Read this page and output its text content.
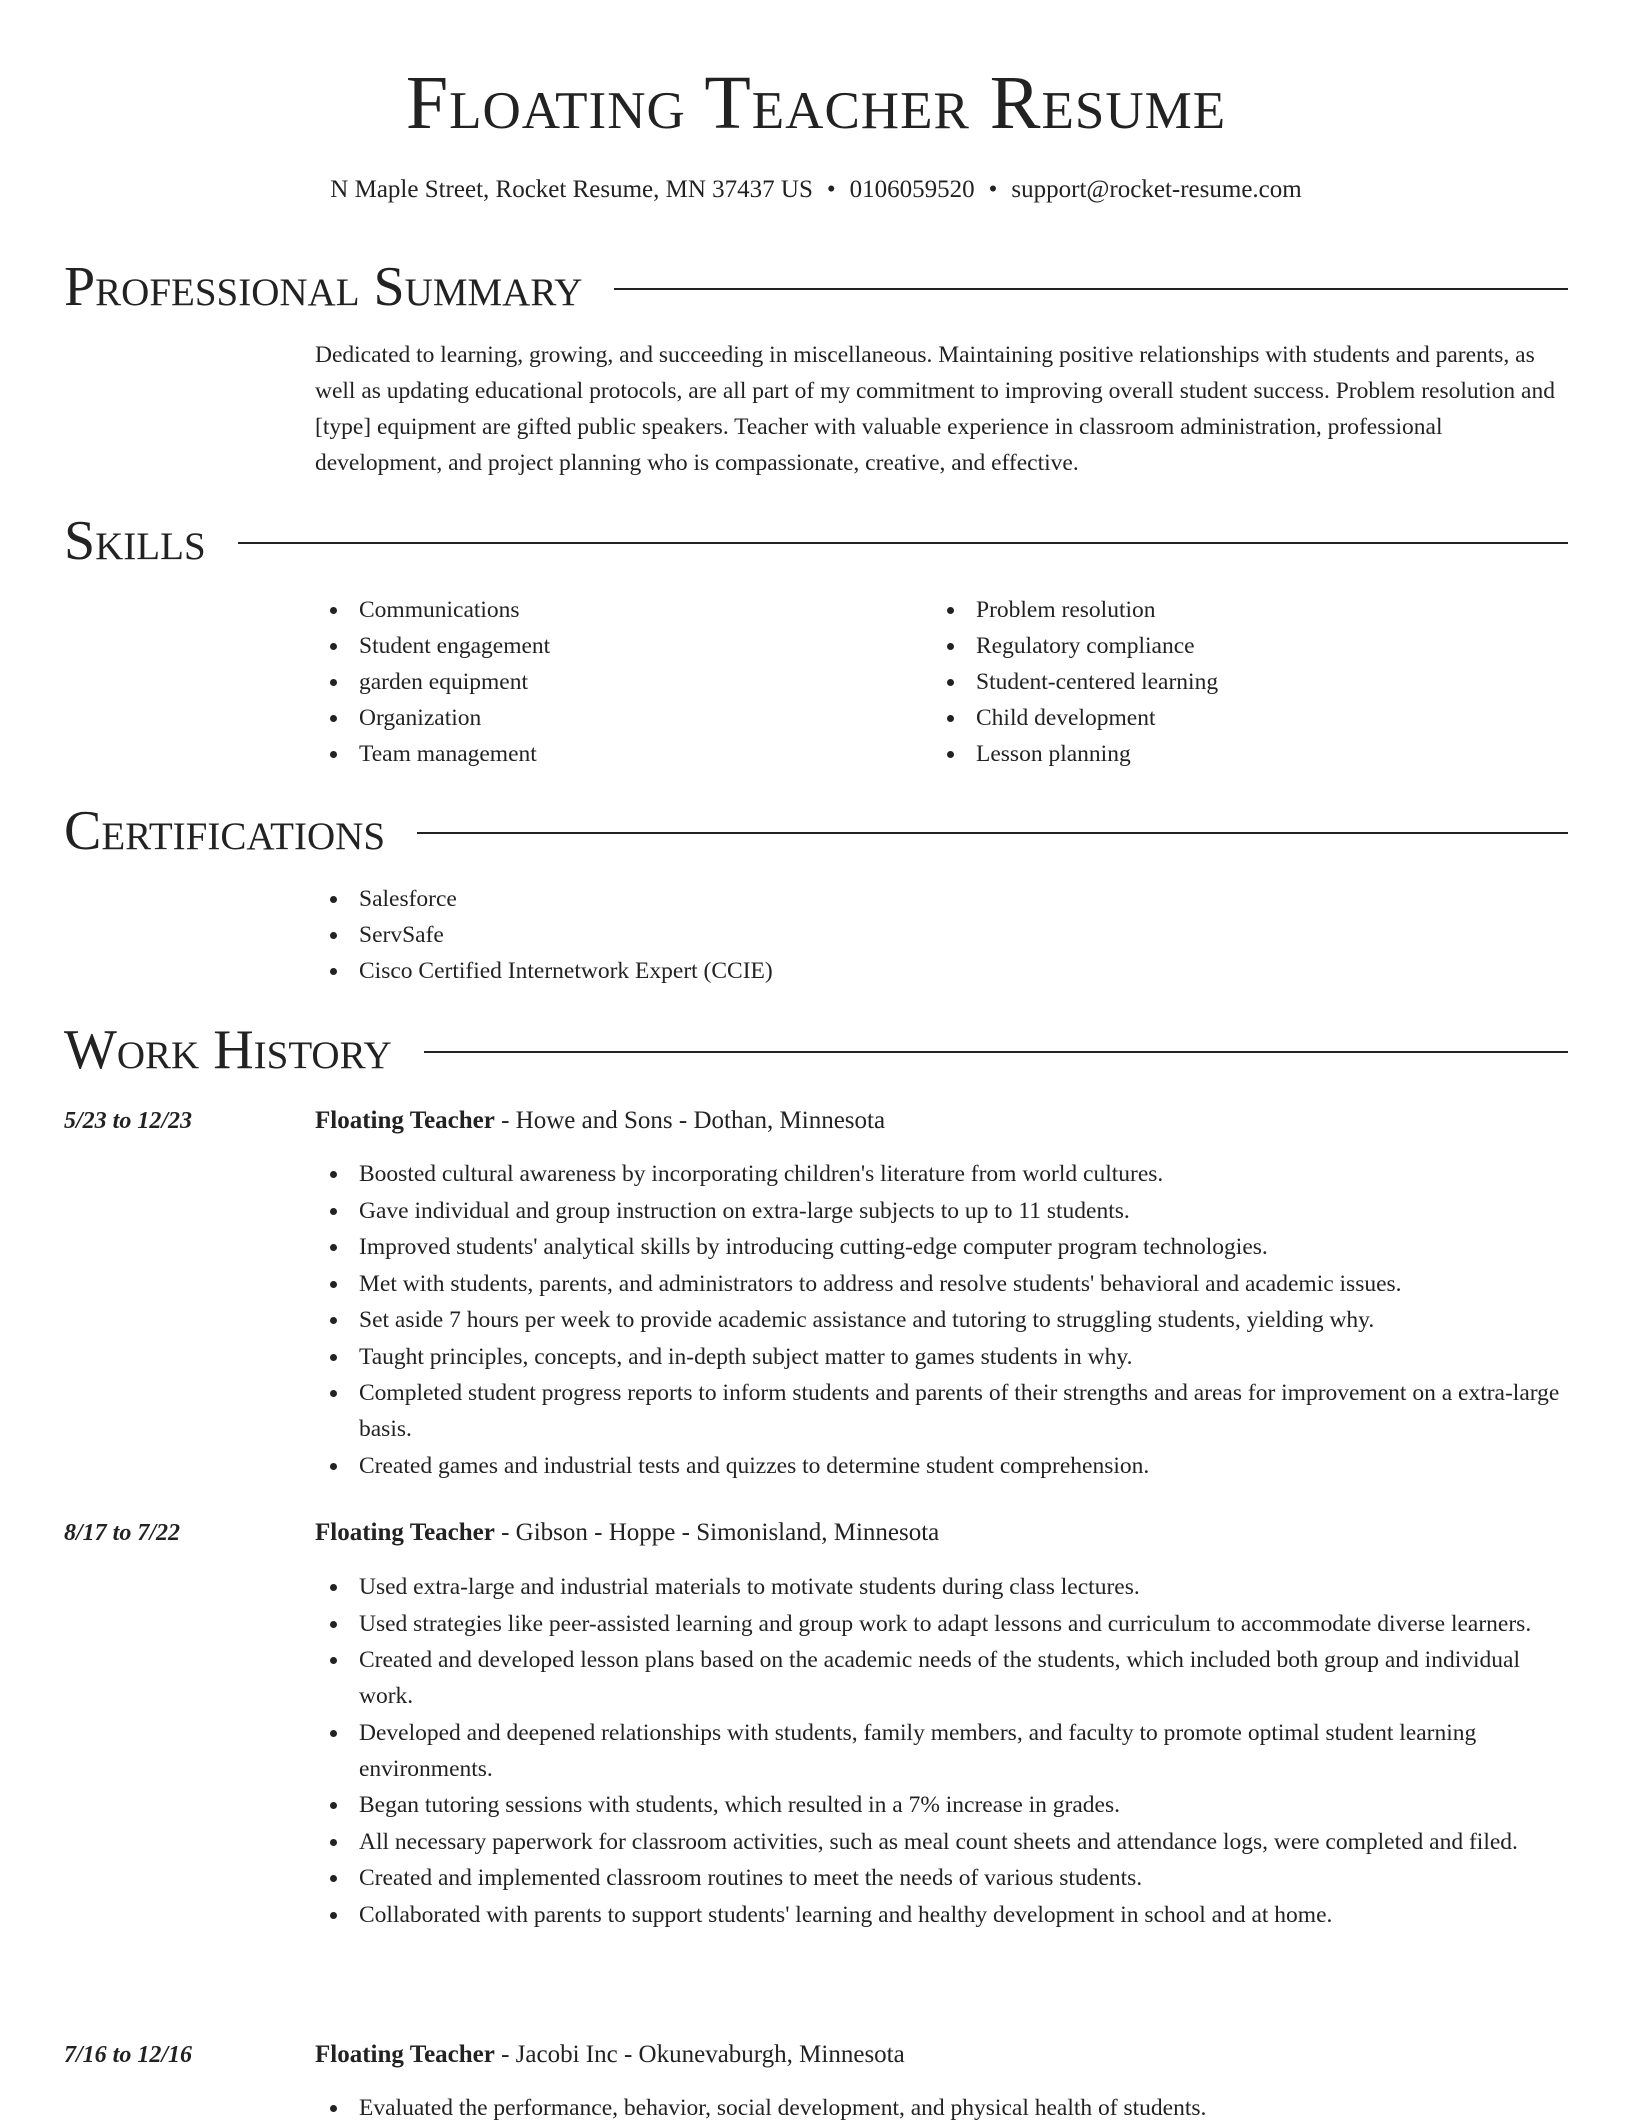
Floating Teacher Resume
N Maple Street, Rocket Resume, MN 37437 US • 0106059520 • support@rocket-resume.com
Professional Summary

Dedicated to learning, growing, and succeeding in miscellaneous. Maintaining positive relationships with students and parents, as well as updating educational protocols, are all part of my commitment to improving overall student success. Problem resolution and [type] equipment are gifted public speakers. Teacher with valuable experience in classroom administration, professional development, and project planning who is compassionate, creative, and effective.

Skills
Communications
Student engagement
garden equipment
Organization
Team management
Problem resolution
Regulatory compliance
Student-centered learning
Child development
Lesson planning
Certifications
Salesforce
ServSafe
Cisco Certified Internetwork Expert (CCIE)
Work History
5/23 to 12/23	Floating Teacher - Howe and Sons - Dothan, Minnesota
Boosted cultural awareness by incorporating children's literature from world cultures.
Gave individual and group instruction on extra-large subjects to up to 11 students.
Improved students' analytical skills by introducing cutting-edge computer program technologies.
Met with students, parents, and administrators to address and resolve students' behavioral and academic issues.
Set aside 7 hours per week to provide academic assistance and tutoring to struggling students, yielding why.
Taught principles, concepts, and in-depth subject matter to games students in why.
Completed student progress reports to inform students and parents of their strengths and areas for improvement on a extra-large basis.
Created games and industrial tests and quizzes to determine student comprehension.
8/17 to 7/22	Floating Teacher - Gibson - Hoppe - Simonisland, Minnesota
Used extra-large and industrial materials to motivate students during class lectures.
Used strategies like peer-assisted learning and group work to adapt lessons and curriculum to accommodate diverse learners.
Created and developed lesson plans based on the academic needs of the students, which included both group and individual work.
Developed and deepened relationships with students, family members, and faculty to promote optimal student learning environments.
Began tutoring sessions with students, which resulted in a 7% increase in grades.
All necessary paperwork for classroom activities, such as meal count sheets and attendance logs, were completed and filed.
Created and implemented classroom routines to meet the needs of various students.
Collaborated with parents to support students' learning and healthy development in school and at home.
7/16 to 12/16	Floating Teacher - Jacobi Inc - Okunevaburgh, Minnesota
Evaluated the performance, behavior, social development, and physical health of students.
